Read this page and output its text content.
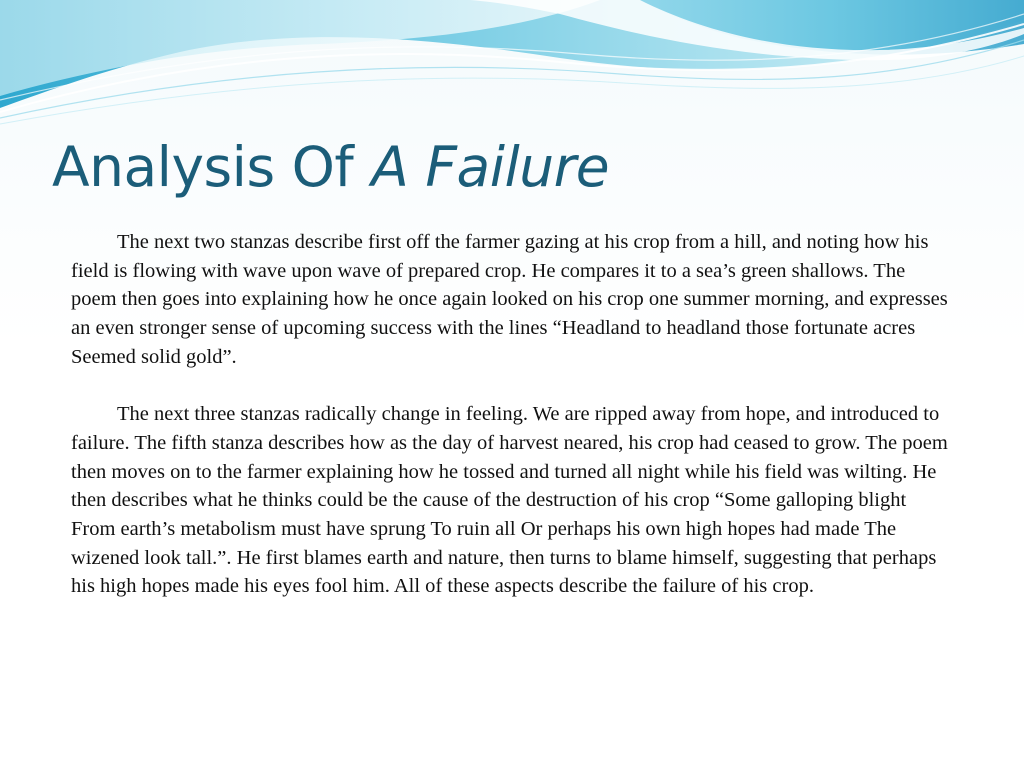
Analysis Of A Failure

The next two stanzas describe first off the farmer gazing at his crop from a hill, and noting how his field is flowing with wave upon wave of prepared crop. He compares it to a sea’s green shallows. The poem then goes into explaining how he once again looked on his crop one summer morning, and expresses an even stronger sense of upcoming success with the lines “Headland to headland those fortunate acres Seemed solid gold”.

The next three stanzas radically change in feeling. We are ripped away from hope, and introduced to failure. The fifth stanza describes how as the day of harvest neared, his crop had ceased to grow. The poem then moves on to the farmer explaining how he tossed and turned all night while his field was wilting. He then describes what he thinks could be the cause of the destruction of his crop “Some galloping blight From earth’s metabolism must have sprung To ruin all Or perhaps his own high hopes had made The wizened look tall.”. He first blames earth and nature, then turns to blame himself, suggesting that perhaps his high hopes made his eyes fool him. All of these aspects describe the failure of his crop.
